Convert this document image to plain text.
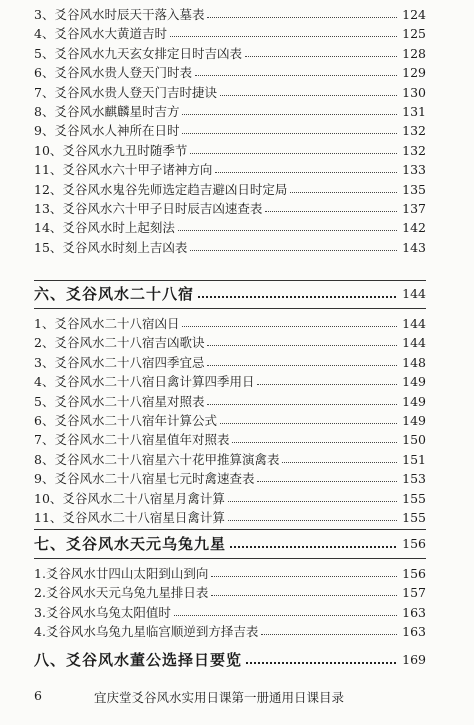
3、爻谷风水时辰天干落入墓表	124
4、爻谷风水大黄道吉时	125
5、爻谷风水九天玄女排定日时吉凶表	128
6、爻谷风水贵人登天门时表	129
7、爻谷风水贵人登天门吉时捷诀	130
8、爻谷风水麒麟星时吉方	131
9、爻谷风水人神所在日时	132
10、爻谷风水九丑时随季节	132
11、爻谷风水六十甲子诸神方向	133
12、爻谷风水鬼谷先师选定趋吉避凶日时定局	135
13、爻谷风水六十甲子日时辰吉凶速查表	137
14、爻谷风水时上起刻法	142
15、爻谷风水时刻上吉凶表	143
六、爻谷风水二十八宿	144
1、爻谷风水二十八宿凶日	144
2、爻谷风水二十八宿吉凶歌诀	144
3、爻谷风水二十八宿四季宜忌	148
4、爻谷风水二十八宿日禽计算四季用日	149
5、爻谷风水二十八宿星对照表	149
6、爻谷风水二十八宿年计算公式	149
7、爻谷风水二十八宿星值年对照表	150
8、爻谷风水二十八宿星六十花甲推算演禽表	151
9、爻谷风水二十八宿星七元时禽速查表	153
10、爻谷风水二十八宿星月禽计算	155
11、爻谷风水二十八宿星日禽计算	155
七、爻谷风水天元乌兔九星	156
1.爻谷风水廿四山太阳到山到向	156
2.爻谷风水天元乌兔九星排日表	157
3.爻谷风水乌兔太阳值时	163
4.爻谷风水乌兔九星临宫顺逆到方择吉表	163
八、爻谷风水董公选择日要览	169
6	宜庆堂爻谷风水实用日课第一册通用日课目录
